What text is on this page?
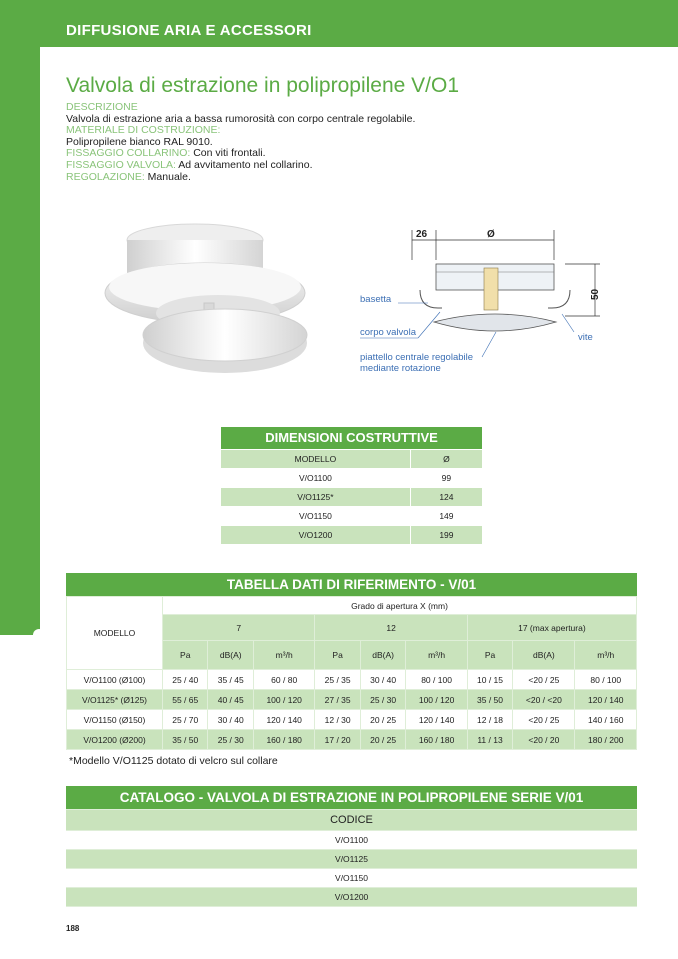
DIFFUSIONE ARIA E ACCESSORI
Valvola di estrazione in polipropilene V/O1
DESCRIZIONE
Valvola di estrazione aria a bassa rumorosità con corpo centrale regolabile.
MATERIALE DI COSTRUZIONE:
Polipropilene bianco RAL 9010.
FISSAGGIO COLLARINO: Con viti frontali.
FISSAGGIO VALVOLA: Ad avvitamento nel collarino.
REGOLAZIONE: Manuale.
26	Ø
50
basetta
corpo valvola
piattello centrale regolabile
mediante rotazione
vite
DIMENSIONI COSTRUTTIVE
MODELLO	Ø
V/O1100	99
V/O1125*	124
V/O1150	149
V/O1200	199
TABELLA DATI DI RIFERIMENTO - V/01
MODELLO	Grado di apertura X (mm)								
	7			12			17 (max apertura)		
	Pa	dB(A)	m³/h	Pa	dB(A)	m³/h	Pa	dB(A)	m³/h
V/O1100 (Ø100)	25 / 40	35 / 45	60 / 80	25 / 35	30 / 40	80 / 100	10 / 15	<20 / 25	80 / 100
V/O1125* (Ø125)	55 / 65	40 / 45	100 / 120	27 / 35	25 / 30	100 / 120	35 / 50	<20 / <20	120 / 140
V/O1150 (Ø150)	25 / 70	30 / 40	120 / 140	12 / 30	20 / 25	120 / 140	12 / 18	<20 / 25	140 / 160
V/O1200 (Ø200)	35 / 50	25 / 30	160 / 180	17 / 20	20 / 25	160 / 180	11 / 13	<20 / 20	180 / 200
*Modello V/O1125 dotato di velcro sul collare
CATALOGO - VALVOLA DI ESTRAZIONE IN POLIPROPILENE SERIE V/01
CODICE
V/O1100
V/O1125
V/O1150
V/O1200
188
